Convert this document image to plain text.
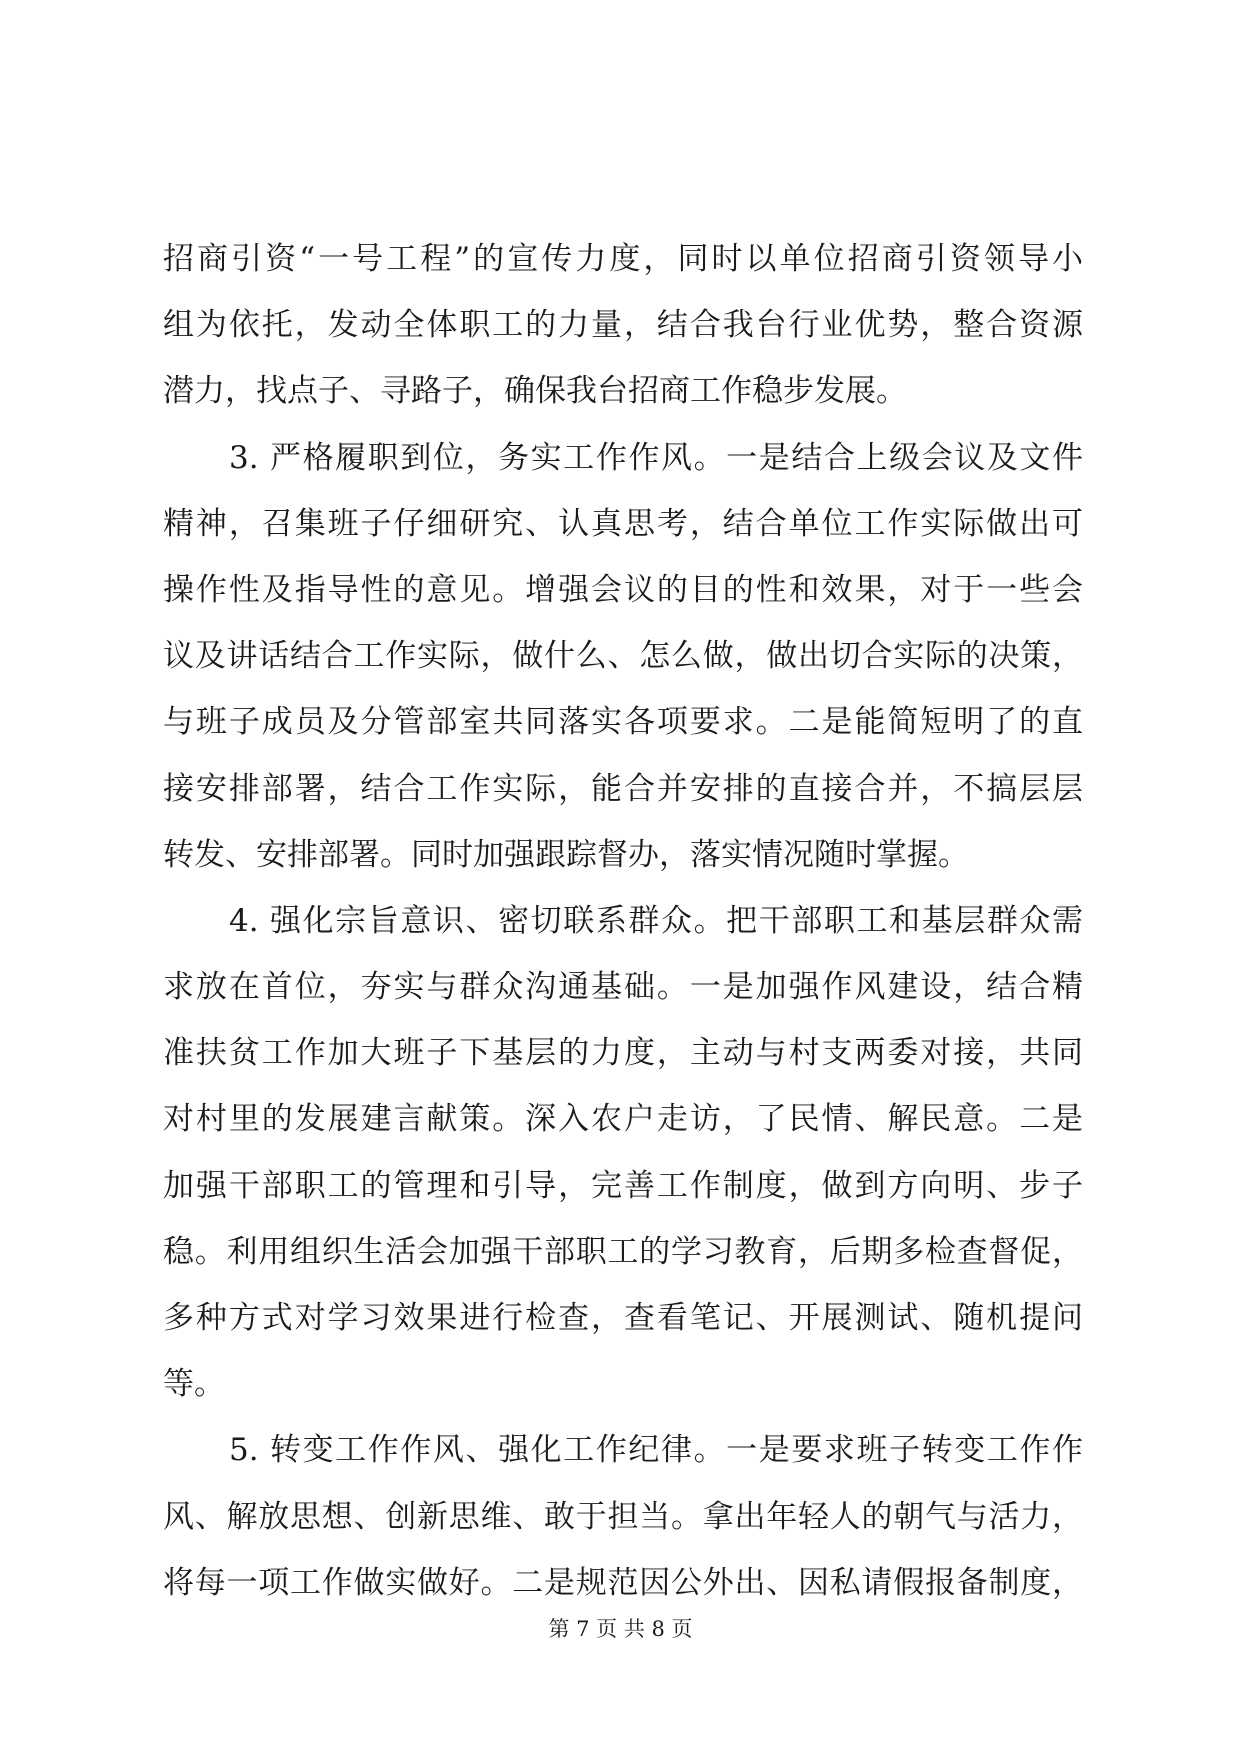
招商引资“一号工程”的宣传力度，同时以单位招商引资领导小
组为依托，发动全体职工的力量，结合我台行业优势，整合资源
潜力，找点子、寻路子，确保我台招商工作稳步发展。
3. 严格履职到位，务实工作作风。一是结合上级会议及文件
精神，召集班子仔细研究、认真思考，结合单位工作实际做出可
操作性及指导性的意见。增强会议的目的性和效果，对于一些会
议及讲话结合工作实际，做什么、怎么做，做出切合实际的决策，
与班子成员及分管部室共同落实各项要求。二是能简短明了的直
接安排部署，结合工作实际，能合并安排的直接合并，不搞层层
转发、安排部署。同时加强跟踪督办，落实情况随时掌握。
4. 强化宗旨意识、密切联系群众。把干部职工和基层群众需
求放在首位，夯实与群众沟通基础。一是加强作风建设，结合精
准扶贫工作加大班子下基层的力度，主动与村支两委对接，共同
对村里的发展建言献策。深入农户走访，了民情、解民意。二是
加强干部职工的管理和引导，完善工作制度，做到方向明、步子
稳。利用组织生活会加强干部职工的学习教育，后期多检查督促，
多种方式对学习效果进行检查，查看笔记、开展测试、随机提问
等。
5. 转变工作作风、强化工作纪律。一是要求班子转变工作作
风、解放思想、创新思维、敢于担当。拿出年轻人的朝气与活力，
将每一项工作做实做好。二是规范因公外出、因私请假报备制度，
第 7 页 共 8 页
